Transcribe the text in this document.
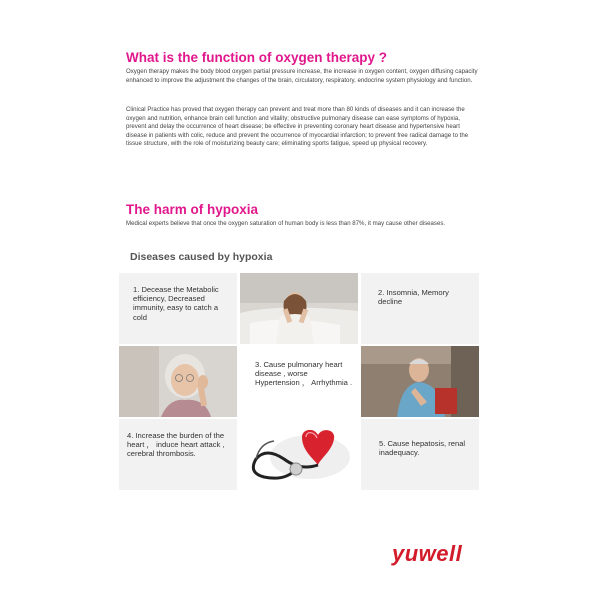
What is the function of oxygen therapy ?

Oxygen therapy makes the body blood oxygen partial pressure increase, the increase in oxygen content, oxygen diffusing capacity enhanced to improve the adjustment the changes of the brain, circulatory, respiratory, endocrine system physiology and function.

Clinical Practice has proved that oxygen therapy can prevent and treat more than 80 kinds of diseases and it can increase the oxygen and nutrition, enhance brain cell function and vitality; obstructive pulmonary disease can ease symptoms of hypoxia, prevent and delay the occurrence of heart disease; be effective in preventing coronary heart disease and hypertensive heart disease in patients with colic, reduce and prevent the occurrence of myocardial infarction; to prevent free radical damage to the tissue structure, with the role of moisturizing beauty care; eliminating sports fatigue, speed up physical recovery.

The harm of hypoxia

Medical experts believe that once the oxygen saturation of human body is less than 87%, it may cause other diseases.

Diseases caused by hypoxia

1. Decease the Metabolic efficiency, Decreased immunity, easy to catch a cold

2. Insomnia, Memory decline

3. Cause pulmonary heart disease , worse Hypertension ， Arrhythmia .

4. Increase the burden of the heart ， induce heart attack , cerebral thrombosis.

5. Cause hepatosis, renal inadequacy.

yuwell
